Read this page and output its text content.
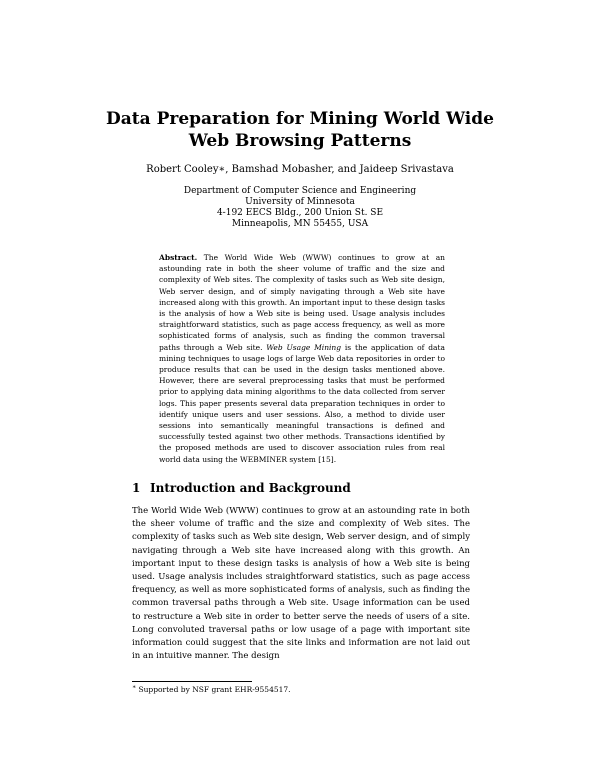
Data Preparation for Mining World Wide Web Browsing Patterns
Robert Cooley∗, Bamshad Mobasher, and Jaideep Srivastava
Department of Computer Science and Engineering
University of Minnesota
4-192 EECS Bldg., 200 Union St. SE
Minneapolis, MN 55455, USA
Abstract. The World Wide Web (WWW) continues to grow at an astounding rate in both the sheer volume of traffic and the size and complexity of Web sites. The complexity of tasks such as Web site design, Web server design, and of simply navigating through a Web site have increased along with this growth. An important input to these design tasks is the analysis of how a Web site is being used. Usage analysis includes straightforward statistics, such as page access frequency, as well as more sophisticated forms of analysis, such as finding the common traversal paths through a Web site. Web Usage Mining is the application of data mining techniques to usage logs of large Web data repositories in order to produce results that can be used in the design tasks mentioned above. However, there are several preprocessing tasks that must be performed prior to applying data mining algorithms to the data collected from server logs. This paper presents several data preparation techniques in order to identify unique users and user sessions. Also, a method to divide user sessions into semantically meaningful transactions is defined and successfully tested against two other methods. Transactions identified by the proposed methods are used to discover association rules from real world data using the WEBMINER system [15].
1 Introduction and Background
The World Wide Web (WWW) continues to grow at an astounding rate in both the sheer volume of traffic and the size and complexity of Web sites. The complexity of tasks such as Web site design, Web server design, and of simply navigating through a Web site have increased along with this growth. An important input to these design tasks is analysis of how a Web site is being used. Usage analysis includes straightforward statistics, such as page access frequency, as well as more sophisticated forms of analysis, such as finding the common traversal paths through a Web site. Usage information can be used to restructure a Web site in order to better serve the needs of users of a site. Long convoluted traversal paths or low usage of a page with important site information could suggest that the site links and information are not laid out in an intuitive manner. The design
∗ Supported by NSF grant EHR-9554517.
